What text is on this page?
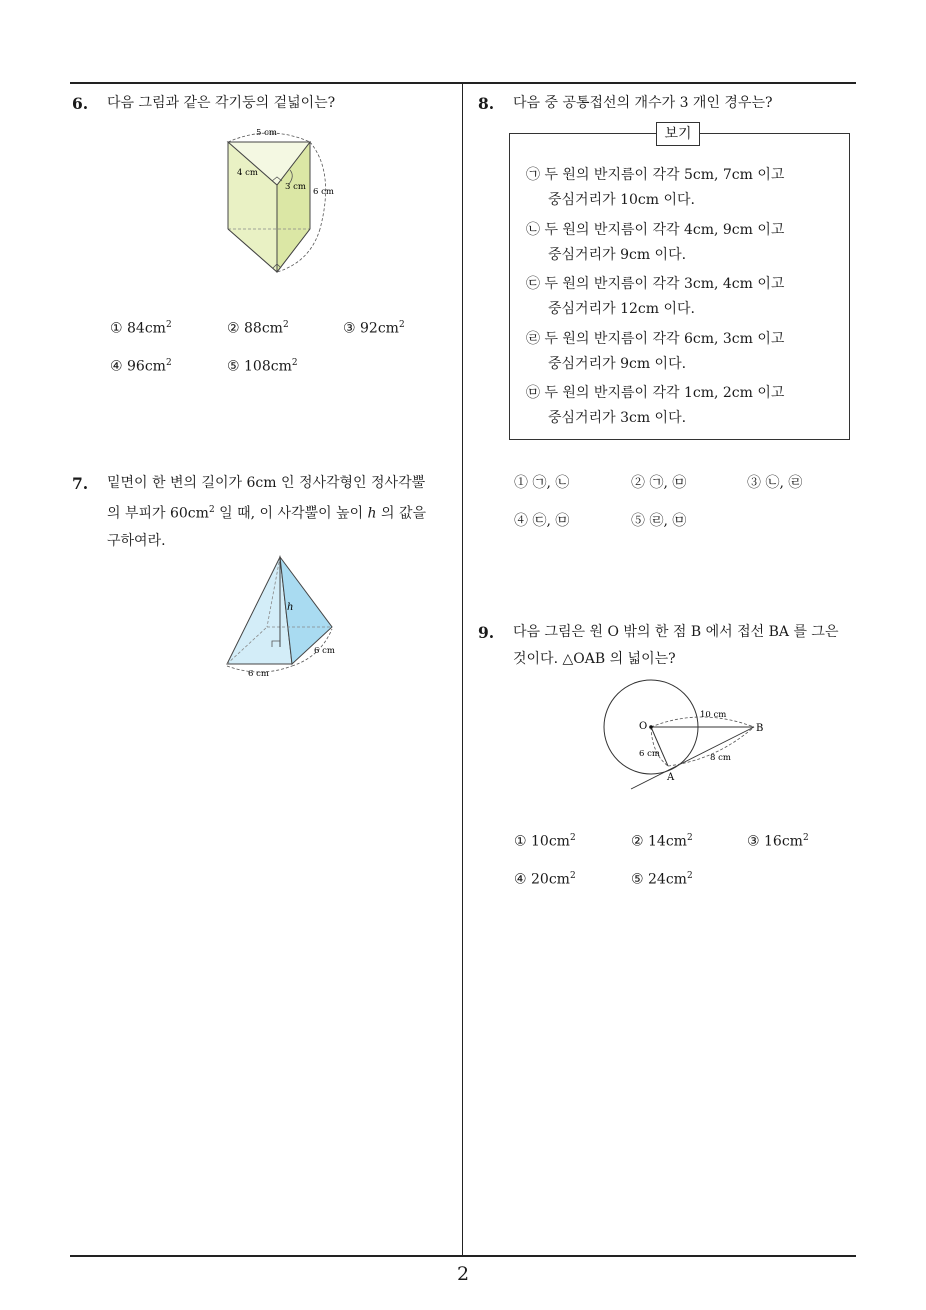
6. 다음 그림과 같은 각기둥의 겉넓이는?
5 cm
4 cm
3 cm 6 cm
① $84cm^2$	② $88cm^2$	③ $92cm^2$
④ $96cm^2$	⑤ $108cm^2$
7. 밑면이 한 변의 길이가 6cm 인 정사각형인 정사각뿔
의 부피가 $60cm^2$ 일 때, 이 사각뿔이 높이 h 의 값을
구하여라.
h
6 cm
6 cm
8. 다음 중 공통접선의 개수가 3 개인 경우는?
보기
㉠ 두 원의 반지름이 각각 5cm, 7cm 이고
중심거리가 10cm 이다.
㉡ 두 원의 반지름이 각각 4cm, 9cm 이고
중심거리가 9cm 이다.
㉢ 두 원의 반지름이 각각 3cm, 4cm 이고
중심거리가 12cm 이다.
㉣ 두 원의 반지름이 각각 6cm, 3cm 이고
중심거리가 9cm 이다.
㉤ 두 원의 반지름이 각각 1cm, 2cm 이고
중심거리가 3cm 이다.
① ㉠, ㉡	② ㉠, ㉤	③ ㉡, ㉣
④ ㉢, ㉤	⑤ ㉣, ㉤
9. 다음 그림은 원 O 밖의 한 점 B 에서 접선 BA 를 그은
것이다. △OAB 의 넓이는?
O	B
A
10 cm
6 cm	8 cm
① $10cm^2$	② $14cm^2$	③ $16cm^2$
④ $20cm^2$	⑤ $24cm^2$
2
